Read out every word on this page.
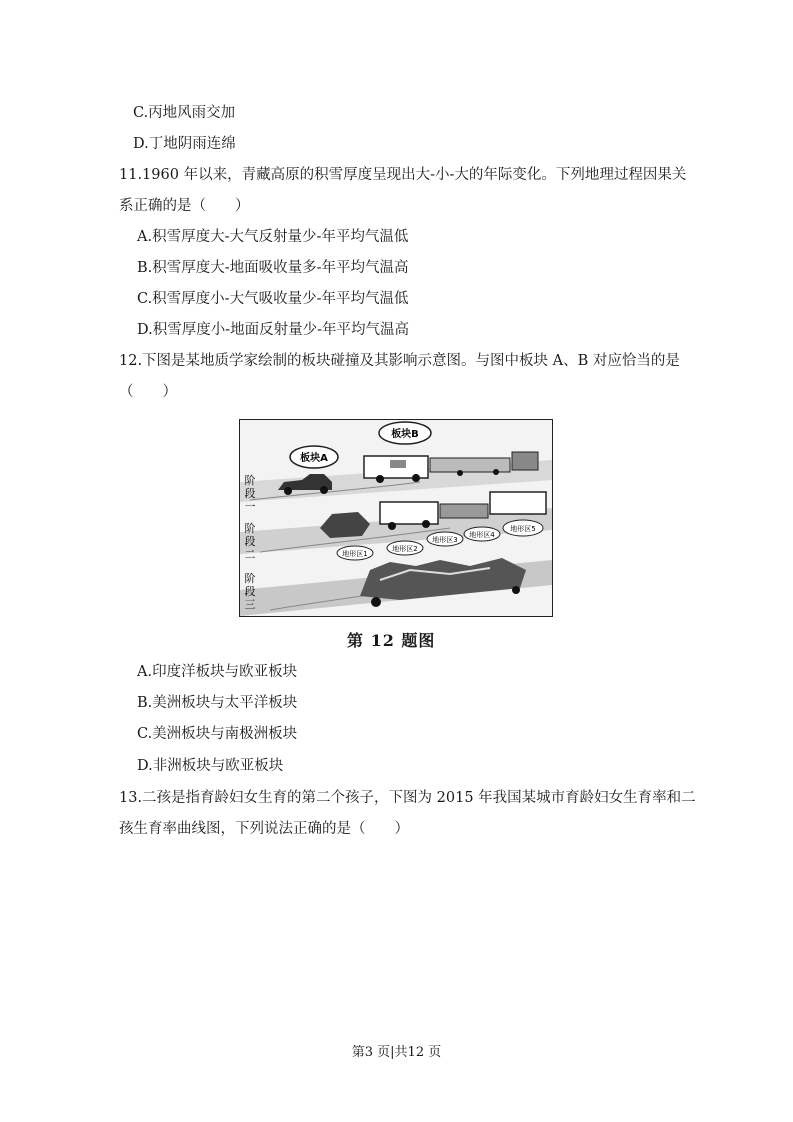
C.丙地风雨交加
D.丁地阴雨连绵
11.1960 年以来，青藏高原的积雪厚度呈现出大-小-大的年际变化。下列地理过程因果关
系正确的是（　　）
A.积雪厚度大-大气反射量少-年平均气温低
B.积雪厚度大-地面吸收量多-年平均气温高
C.积雪厚度小-大气吸收量少-年平均气温低
D.积雪厚度小-地面反射量少-年平均气温高
12.下图是某地质学家绘制的板块碰撞及其影响示意图。与图中板块 A、B 对应恰当的是
（　　）
板块A
板块B
地形区1
地形区2
地形区3
地形区4
地形区5
阶
段
一
阶
段
二
阶
段
三
第 12 题图
A.印度洋板块与欧亚板块
B.美洲板块与太平洋板块
C.美洲板块与南极洲板块
D.非洲板块与欧亚板块
13.二孩是指育龄妇女生育的第二个孩子，下图为 2015 年我国某城市育龄妇女生育率和二
孩生育率曲线图，下列说法正确的是（　　）
第3 页|共12 页
